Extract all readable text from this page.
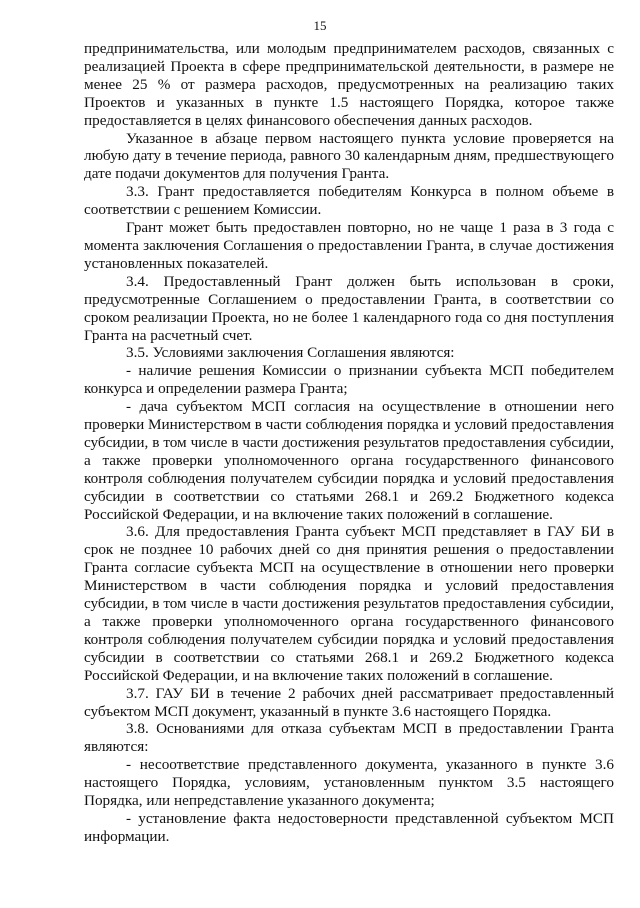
15

предпринимательства, или молодым предпринимателем расходов, связанных с реализацией Проекта в сфере предпринимательской деятельности, в размере не менее 25 % от размера расходов, предусмотренных на реализацию таких Проектов и указанных в пункте 1.5 настоящего Порядка, которое также предоставляется в целях финансового обеспечения данных расходов.

Указанное в абзаце первом настоящего пункта условие проверяется на любую дату в течение периода, равного 30 календарным дням, предшествующего дате подачи документов для получения Гранта.

3.3. Грант предоставляется победителям Конкурса в полном объеме в соответствии с решением Комиссии.

Грант может быть предоставлен повторно, но не чаще 1 раза в 3 года с момента заключения Соглашения о предоставлении Гранта, в случае достижения установленных показателей.

3.4. Предоставленный Грант должен быть использован в сроки, предусмотренные Соглашением о предоставлении Гранта, в соответствии со сроком реализации Проекта, но не более 1 календарного года со дня поступления Гранта на расчетный счет.

3.5. Условиями заключения Соглашения являются:

- наличие решения Комиссии о признании субъекта МСП победителем конкурса и определении размера Гранта;

- дача субъектом МСП согласия на осуществление в отношении него проверки Министерством в части соблюдения порядка и условий предоставления субсидии, в том числе в части достижения результатов предоставления субсидии, а также проверки уполномоченного органа государственного финансового контроля соблюдения получателем субсидии порядка и условий предоставления субсидии в соответствии со статьями 268.1 и 269.2 Бюджетного кодекса Российской Федерации, и на включение таких положений в соглашение.

3.6. Для предоставления Гранта субъект МСП представляет в ГАУ БИ в срок не позднее 10 рабочих дней со дня принятия решения о предоставлении Гранта согласие субъекта МСП на осуществление в отношении него проверки Министерством в части соблюдения порядка и условий предоставления субсидии, в том числе в части достижения результатов предоставления субсидии, а также проверки уполномоченного органа государственного финансового контроля соблюдения получателем субсидии порядка и условий предоставления субсидии в соответствии со статьями 268.1 и 269.2 Бюджетного кодекса Российской Федерации, и на включение таких положений в соглашение.

3.7. ГАУ БИ в течение 2 рабочих дней рассматривает предоставленный субъектом МСП документ, указанный в пункте 3.6 настоящего Порядка.

3.8. Основаниями для отказа субъектам МСП в предоставлении Гранта являются:

- несоответствие представленного документа, указанного в пункте 3.6 настоящего Порядка, условиям, установленным пунктом 3.5 настоящего Порядка, или непредставление указанного документа;

- установление факта недостоверности представленной субъектом МСП информации.
